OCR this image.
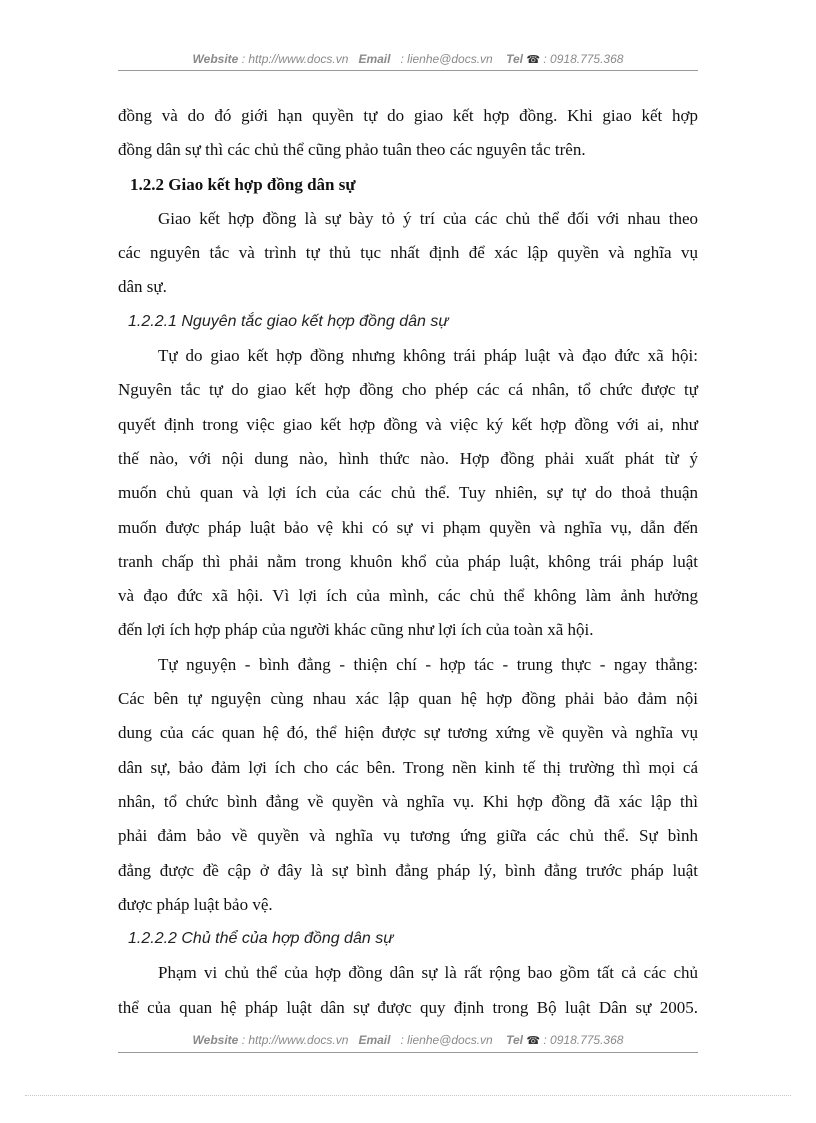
Website : http://www.docs.vn Email : lienhe@docs.vn Tel ☎ : 0918.775.368
đồng và do đó giới hạn quyền tự do giao kết hợp đồng. Khi giao kết hợp
đồng dân sự thì các chủ thể cũng phảo tuân theo các nguyên tắc trên.
1.2.2 Giao kết hợp đồng dân sự
Giao kết hợp đồng là sự bày tỏ ý trí của các chủ thể đối với nhau theo
các nguyên tắc và trình tự thủ tục nhất định để xác lập quyền và nghĩa vụ
dân sự.
1.2.2.1 Nguyên tắc giao kết hợp đồng dân sự
Tự do giao kết hợp đồng nhưng không trái pháp luật và đạo đức xã hội:
Nguyên tắc tự do giao kết hợp đồng cho phép các cá nhân, tổ chức được tự
quyết định trong việc giao kết hợp đồng và việc ký kết hợp đồng với ai, như
thế nào, với nội dung nào, hình thức nào. Hợp đồng phải xuất phát từ ý
muốn chủ quan và lợi ích của các chủ thể. Tuy nhiên, sự tự do thoả thuận
muốn được pháp luật bảo vệ khi có sự vi phạm quyền và nghĩa vụ, dẫn đến
tranh chấp thì phải nằm trong khuôn khổ của pháp luật, không trái pháp luật
và đạo đức xã hội. Vì lợi ích của mình, các chủ thể không làm ảnh hưởng
đến lợi ích hợp pháp của người khác cũng như lợi ích của toàn xã hội.
Tự nguyện - bình đẳng - thiện chí - hợp tác - trung thực - ngay thẳng:
Các bên tự nguyện cùng nhau xác lập quan hệ hợp đồng phải bảo đảm nội
dung của các quan hệ đó, thể hiện được sự tương xứng về quyền và nghĩa vụ
dân sự, bảo đảm lợi ích cho các bên. Trong nền kinh tế thị trường thì mọi cá
nhân, tổ chức bình đẳng về quyền và nghĩa vụ. Khi hợp đồng đã xác lập thì
phải đảm bảo về quyền và nghĩa vụ tương ứng giữa các chủ thể. Sự bình
đẳng được đề cập ở đây là sự bình đẳng pháp lý, bình đẳng trước pháp luật
được pháp luật bảo vệ.
1.2.2.2 Chủ thể của hợp đồng dân sự
Phạm vi chủ thể của hợp đồng dân sự là rất rộng bao gồm tất cả các chủ
thể của quan hệ pháp luật dân sự được quy định trong Bộ luật Dân sự 2005.
Website : http://www.docs.vn Email : lienhe@docs.vn Tel ☎ : 0918.775.368
